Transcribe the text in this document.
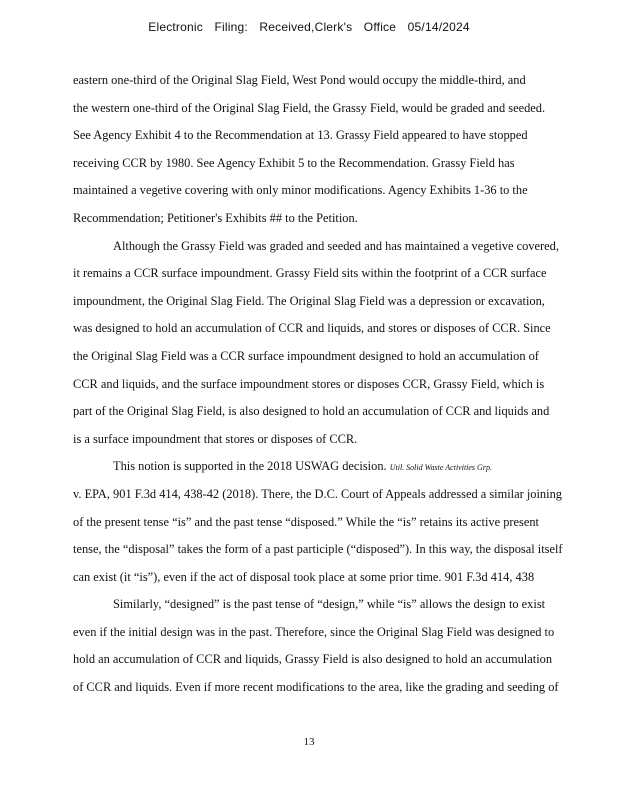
Electronic Filing: Received,Clerk's Office 05/14/2024
eastern one-third of the Original Slag Field, West Pond would occupy the middle-third, and
the western one-third of the Original Slag Field, the Grassy Field, would be graded and seeded.
See Agency Exhibit 4 to the Recommendation at 13. Grassy Field appeared to have stopped
receiving CCR by 1980. See Agency Exhibit 5 to the Recommendation. Grassy Field has
maintained a vegetive covering with only minor modifications. Agency Exhibits 1-36 to the
Recommendation; Petitioner's Exhibits ## to the Petition.
Although the Grassy Field was graded and seeded and has maintained a vegetive covered,
it remains a CCR surface impoundment. Grassy Field sits within the footprint of a CCR surface
impoundment, the Original Slag Field. The Original Slag Field was a depression or excavation,
was designed to hold an accumulation of CCR and liquids, and stores or disposes of CCR. Since
the Original Slag Field was a CCR surface impoundment designed to hold an accumulation of
CCR and liquids, and the surface impoundment stores or disposes CCR, Grassy Field, which is
part of the Original Slag Field, is also designed to hold an accumulation of CCR and liquids and
is a surface impoundment that stores or disposes of CCR.
This notion is supported in the 2018 USWAG decision. Util. Solid Waste Activities Grp.
v. EPA, 901 F.3d 414, 438-42 (2018). There, the D.C. Court of Appeals addressed a similar joining
of the present tense “is” and the past tense “disposed.” While the “is” retains its active present
tense, the “disposal” takes the form of a past participle (“disposed”). In this way, the disposal itself
can exist (it “is”), even if the act of disposal took place at some prior time. 901 F.3d 414, 438
Similarly, “designed” is the past tense of “design,” while “is” allows the design to exist
even if the initial design was in the past. Therefore, since the Original Slag Field was designed to
hold an accumulation of CCR and liquids, Grassy Field is also designed to hold an accumulation
of CCR and liquids. Even if more recent modifications to the area, like the grading and seeding of
13
